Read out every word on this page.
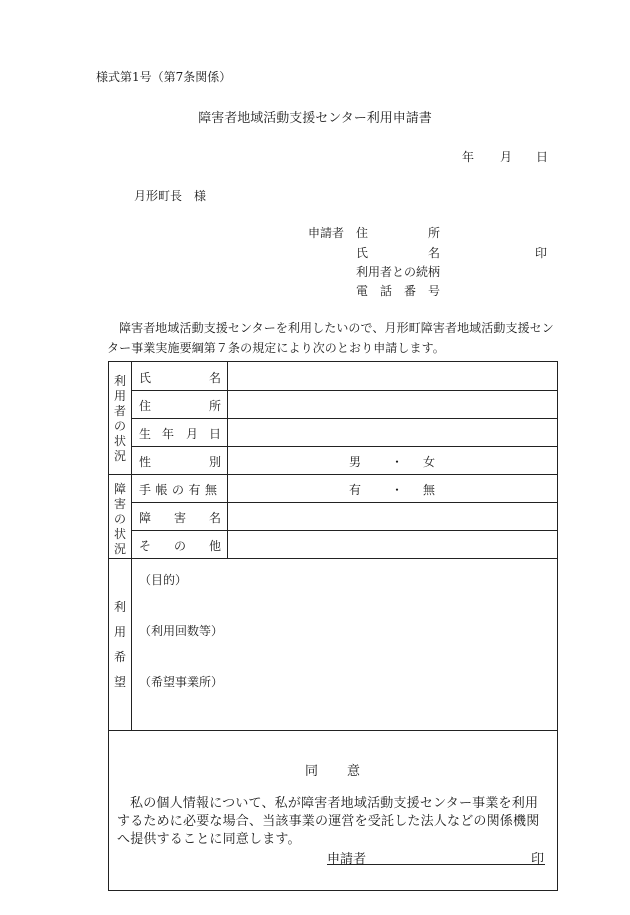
様式第1号（第7条関係）
障害者地域活動支援センター利用申請書
年 月 日
月形町長　様
申請者 住	所
氏	名	印
利用者との続柄
電 話 番 号
障害者地域活動支援センターを利用したいので、月形町障害者地域活動支援センター事業実施要綱第７条の規定により次のとおり申請します。
利
用
者
の
状
況
氏	名
住	所
生 年 月 日
性	別	男 ・ 女
障
害
の
状
況
手帳の有無	有 ・ 無
障 害 名
そ の 他
利
用
希
望
（目的）
（利用回数等）
（希望事業所）
同 意
私の個人情報について、私が障害者地域活動支援センター事業を利用するために必要な場合、当該事業の運営を受託した法人などの関係機関へ提供することに同意します。
申請者	印
